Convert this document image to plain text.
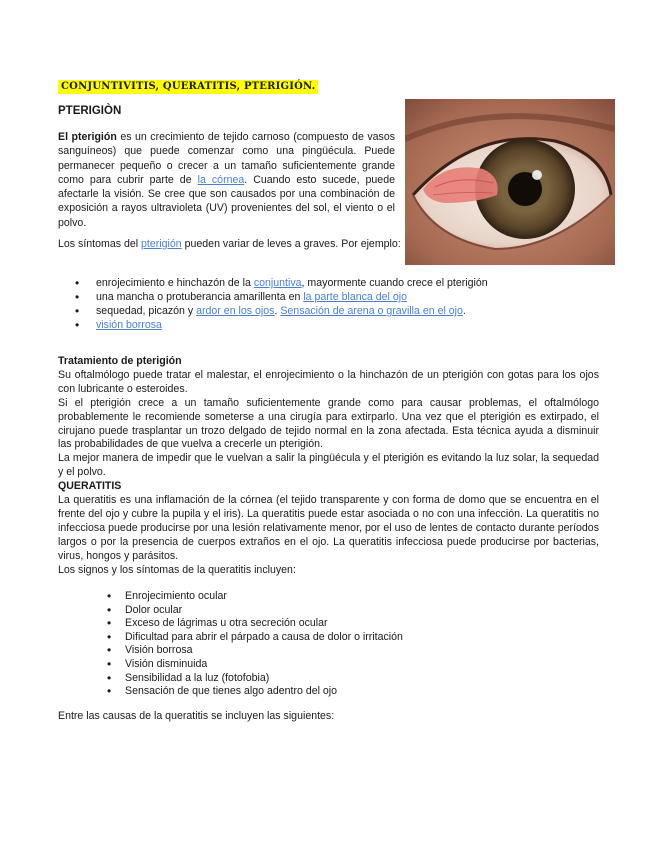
CONJUNTIVITIS, QUERATITIS, PTERIGIÓN.
PTERIGIÒN

El pterigión es un crecimiento de tejido carnoso (compuesto de vasos sanguíneos) que puede comenzar como una pingüécula. Puede permanecer pequeño o crecer a un tamaño suficientemente grande como para cubrir parte de la córnea. Cuando esto sucede, puede afectarle la visión. Se cree que son causados por una combinación de exposición a rayos ultravioleta (UV) provenientes del sol, el viento o el polvo.

Los síntomas del pterigión pueden variar de leves a graves. Por ejemplo:

• enrojecimiento e hinchazón de la conjuntiva, mayormente cuando crece el pterigión
• una mancha o protuberancia amarillenta en la parte blanca del ojo
• sequedad, picazón y ardor en los ojos. Sensación de arena o gravilla en el ojo.
• visión borrosa

Tratamiento de pterigión

Su oftalmólogo puede tratar el malestar, el enrojecimiento o la hinchazón de un pterigión con gotas para los ojos con lubricante o esteroides.

Si el pterigión crece a un tamaño suficientemente grande como para causar problemas, el oftalmólogo probablemente le recomiende someterse a una cirugía para extirparlo. Una vez que el pterigión es extirpado, el cirujano puede trasplantar un trozo delgado de tejido normal en la zona afectada. Esta técnica ayuda a disminuir las probabilidades de que vuelva a crecerle un pterigión.

La mejor manera de impedir que le vuelvan a salir la pingüécula y el pterigión es evitando la luz solar, la sequedad y el polvo.

QUERATITIS

La queratitis es una inflamación de la córnea (el tejido transparente y con forma de domo que se encuentra en el frente del ojo y cubre la pupila y el iris). La queratitis puede estar asociada o no con una infección. La queratitis no infecciosa puede producirse por una lesión relativamente menor, por el uso de lentes de contacto durante períodos largos o por la presencia de cuerpos extraños en el ojo. La queratitis infecciosa puede producirse por bacterias, virus, hongos y parásitos.

Los signos y los síntomas de la queratitis incluyen:

• Enrojecimiento ocular
• Dolor ocular
• Exceso de lágrimas u otra secreción ocular
• Dificultad para abrir el párpado a causa de dolor o irritación
• Visión borrosa
• Visión disminuida
• Sensibilidad a la luz (fotofobia)
• Sensación de que tienes algo adentro del ojo
Entre las causas de la queratitis se incluyen las siguientes:
